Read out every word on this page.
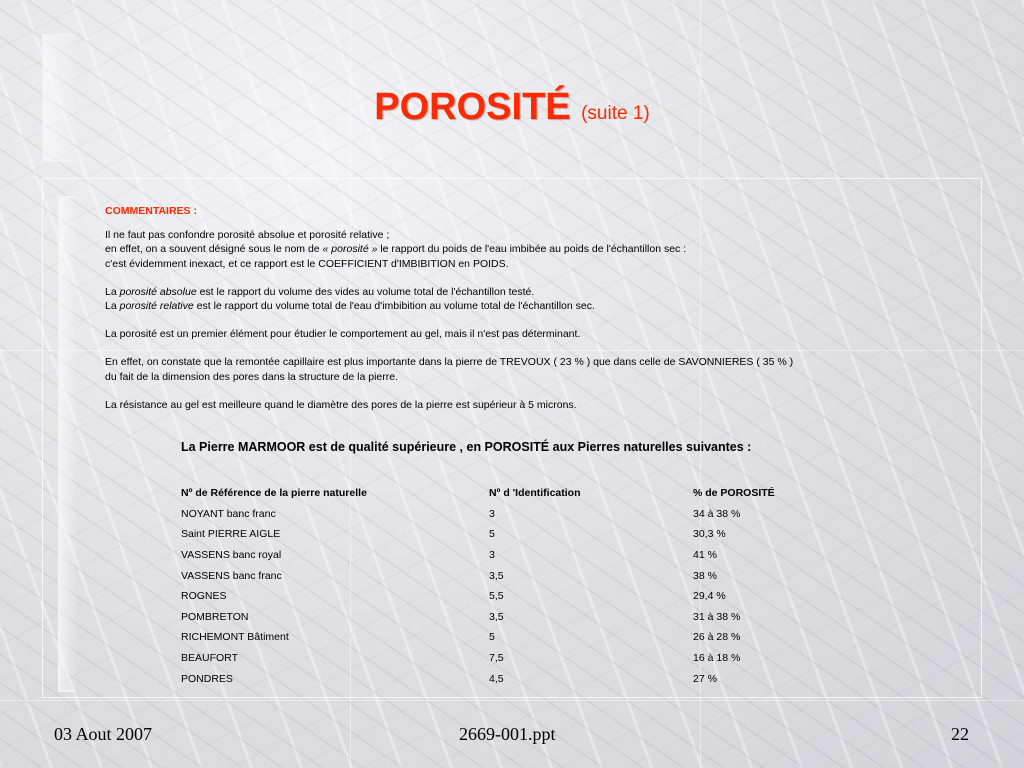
POROSITÉ (suite 1)
COMMENTAIRES :

Il ne faut pas confondre porosité absolue et porosité relative ;
en effet, on a souvent désigné sous le nom de « porosité » le rapport du poids de l'eau imbibée au poids de l'échantillon sec :
c'est évidemment inexact, et ce rapport est le COEFFICIENT d'IMBIBITION en POIDS.

La porosité absolue est le rapport du volume des vides au volume total de l'échantillon testé.
La porosité relative est le rapport du volume total de l'eau d'imbibition au volume total de l'échantillon sec.

La porosité est un premier élément pour étudier le comportement au gel, mais il n'est pas déterminant.

En effet, on constate que la remontée capillaire est plus importante dans la pierre de TREVOUX ( 23 % ) que dans celle de SAVONNIERES ( 35 % )
du fait de la dimension des pores dans la structure de la pierre.

La résistance au gel est meilleure quand le diamètre des pores de la pierre est supérieur à 5 microns.

La Pierre MARMOOR est de qualité supérieure , en POROSITÉ aux Pierres naturelles suivantes :
Nº de Référence de la pierre naturelle	Nº d 'Identification	% de POROSITÉ
NOYANT banc franc	3	34 à 38 %
Saint PIERRE AIGLE	5	30,3 %
VASSENS banc royal	3	41 %
VASSENS banc franc	3,5	38 %
ROGNES	5,5	29,4 %
POMBRETON	3,5	31 à 38 %
RICHEMONT Bâtiment	5	26 à 28 %
BEAUFORT	7,5	16 à 18 %
PONDRES	4,5	27 %
03 Aout 2007	2669-001.ppt	22
